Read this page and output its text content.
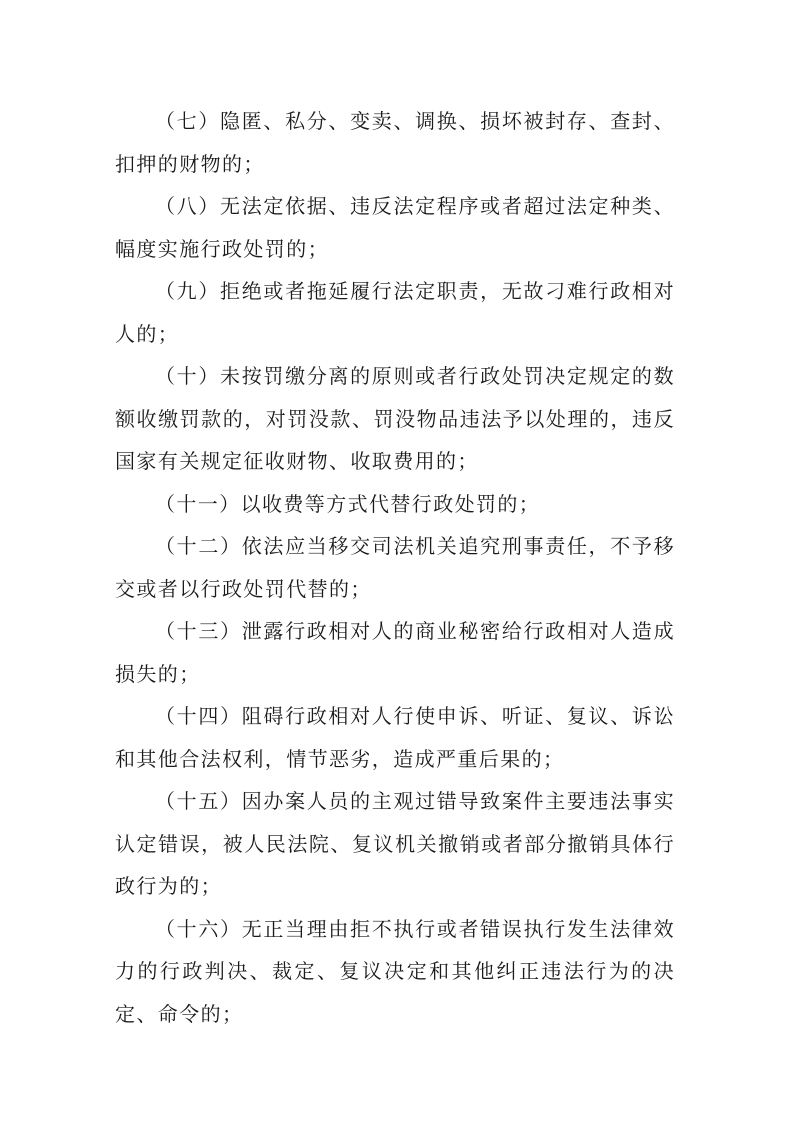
（七）隐匿、私分、变卖、调换、损坏被封存、查封、扣押的财物的；

（八）无法定依据、违反法定程序或者超过法定种类、幅度实施行政处罚的；

（九）拒绝或者拖延履行法定职责，无故刁难行政相对人的；

（十）未按罚缴分离的原则或者行政处罚决定规定的数额收缴罚款的，对罚没款、罚没物品违法予以处理的，违反国家有关规定征收财物、收取费用的；

（十一）以收费等方式代替行政处罚的；

（十二）依法应当移交司法机关追究刑事责任，不予移交或者以行政处罚代替的；

（十三）泄露行政相对人的商业秘密给行政相对人造成损失的；

（十四）阻碍行政相对人行使申诉、听证、复议、诉讼和其他合法权利，情节恶劣，造成严重后果的；

（十五）因办案人员的主观过错导致案件主要违法事实认定错误，被人民法院、复议机关撤销或者部分撤销具体行政行为的；

（十六）无正当理由拒不执行或者错误执行发生法律效力的行政判决、裁定、复议决定和其他纠正违法行为的决定、命令的；
